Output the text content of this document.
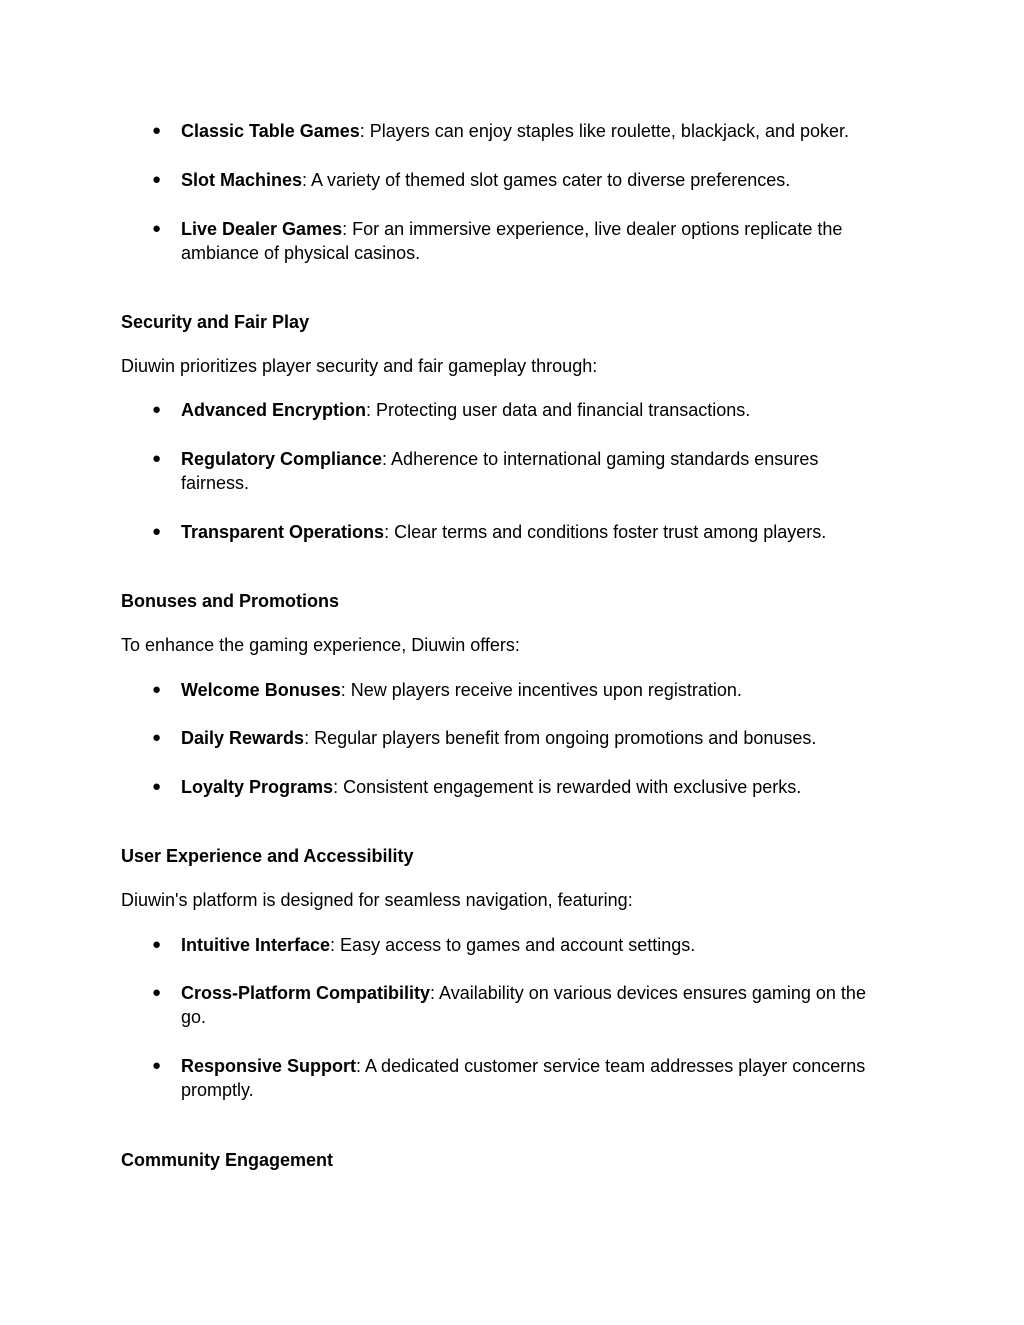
● Classic Table Games: Players can enjoy staples like roulette, blackjack, and poker.
● Slot Machines: A variety of themed slot games cater to diverse preferences.
● Live Dealer Games: For an immersive experience, live dealer options replicate the ambiance of physical casinos.
Security and Fair Play
Diuwin prioritizes player security and fair gameplay through:
● Advanced Encryption: Protecting user data and financial transactions.
● Regulatory Compliance: Adherence to international gaming standards ensures fairness.
● Transparent Operations: Clear terms and conditions foster trust among players.
Bonuses and Promotions
To enhance the gaming experience, Diuwin offers:
● Welcome Bonuses: New players receive incentives upon registration.
● Daily Rewards: Regular players benefit from ongoing promotions and bonuses.
● Loyalty Programs: Consistent engagement is rewarded with exclusive perks.
User Experience and Accessibility
Diuwin's platform is designed for seamless navigation, featuring:
● Intuitive Interface: Easy access to games and account settings.
● Cross-Platform Compatibility: Availability on various devices ensures gaming on the go.
● Responsive Support: A dedicated customer service team addresses player concerns promptly.
Community Engagement
